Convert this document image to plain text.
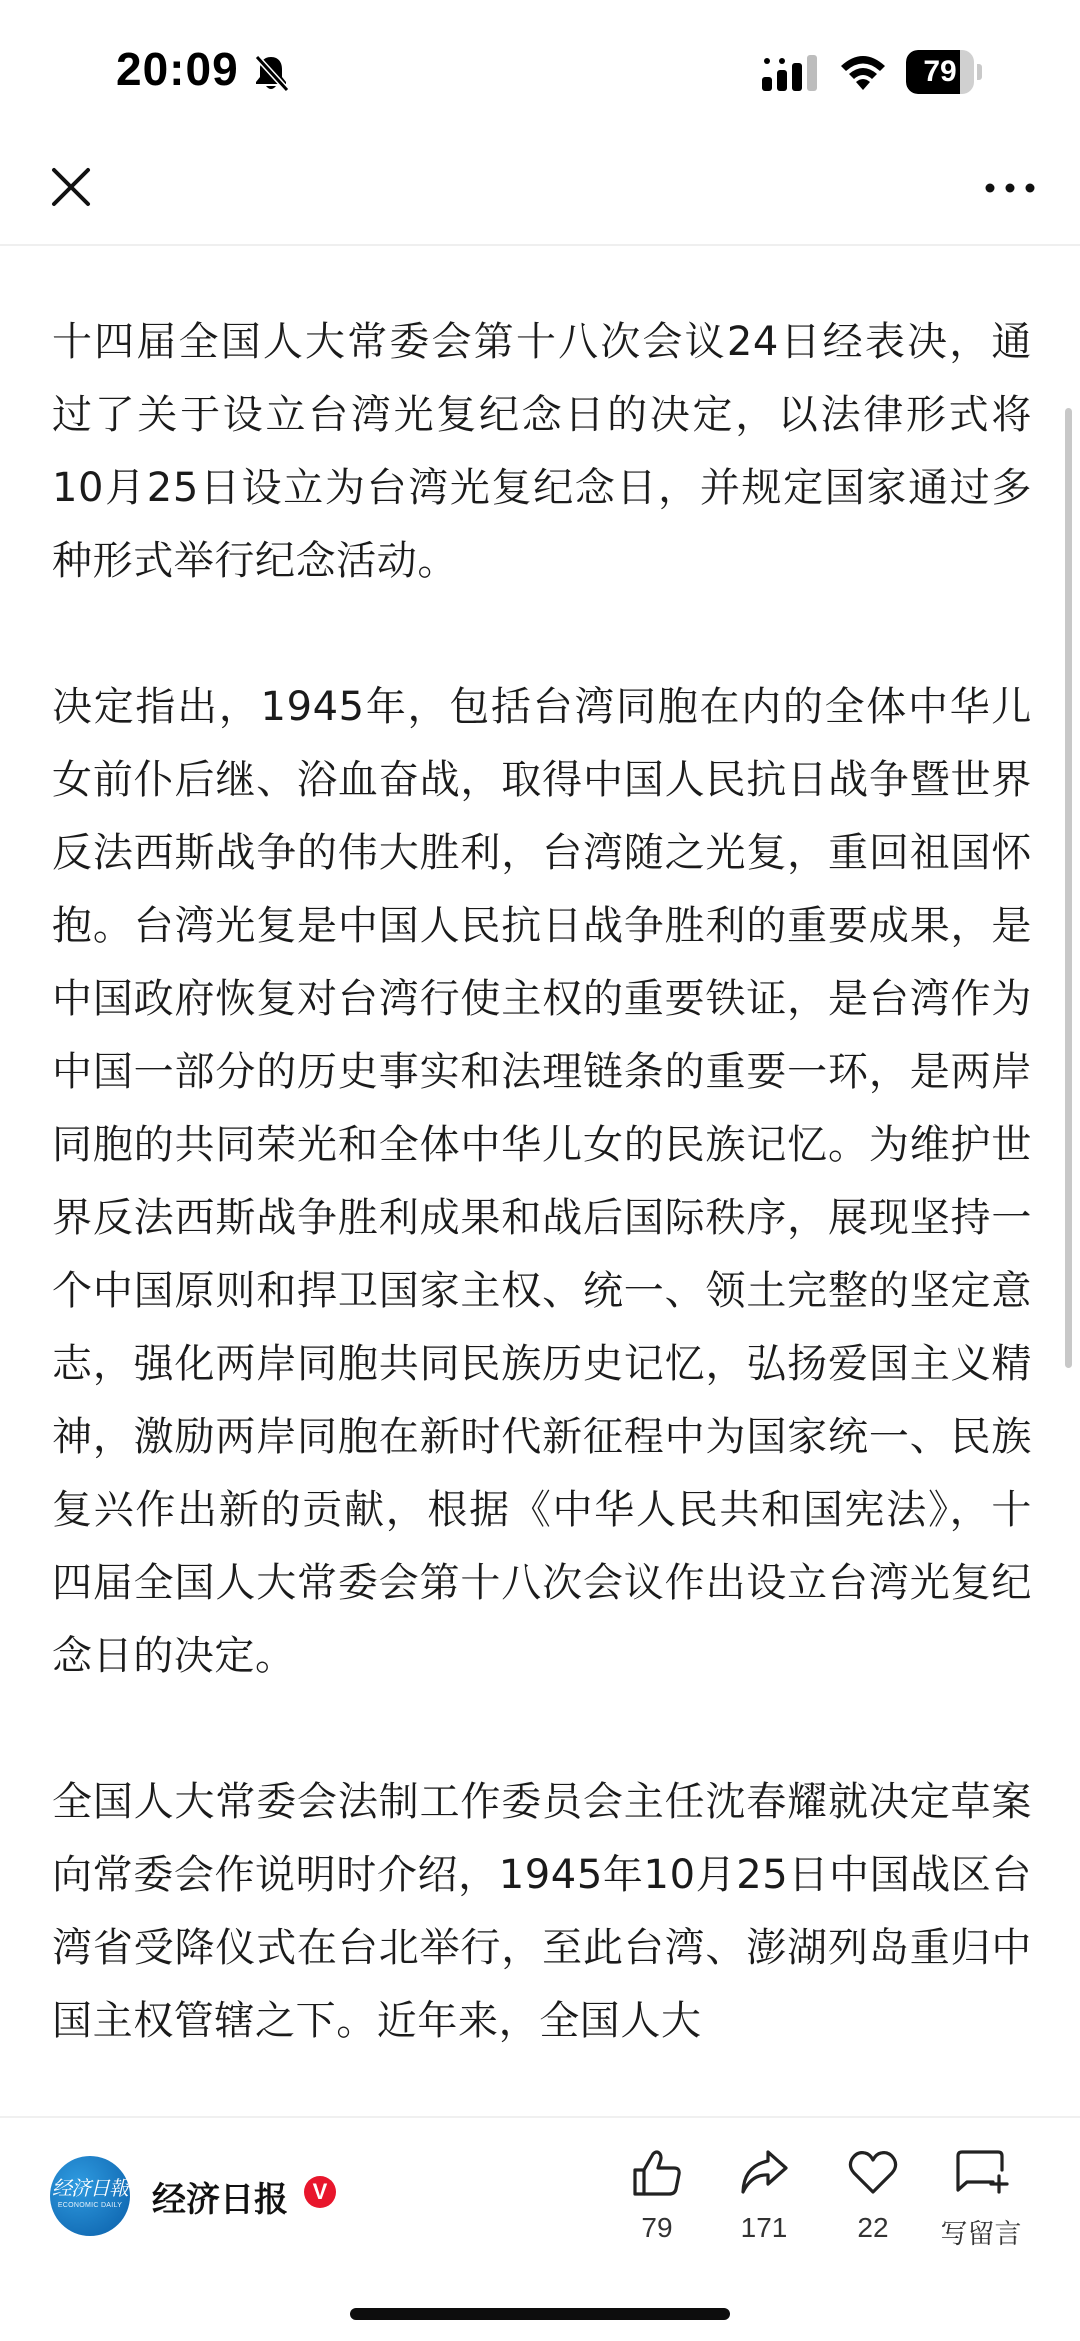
20:09	79

十四届全国人大常委会第十八次会议24日经表决，通过了关于设立台湾光复纪念日的决定，以法律形式将10月25日设立为台湾光复纪念日，并规定国家通过多种形式举行纪念活动。

决定指出，1945年，包括台湾同胞在内的全体中华儿女前仆后继、浴血奋战，取得中国人民抗日战争暨世界反法西斯战争的伟大胜利，台湾随之光复，重回祖国怀抱。台湾光复是中国人民抗日战争胜利的重要成果，是中国政府恢复对台湾行使主权的重要铁证，是台湾作为中国一部分的历史事实和法理链条的重要一环，是两岸同胞的共同荣光和全体中华儿女的民族记忆。为维护世界反法西斯战争胜利成果和战后国际秩序，展现坚持一个中国原则和捍卫国家主权、统一、领土完整的坚定意志，强化两岸同胞共同民族历史记忆，弘扬爱国主义精神，激励两岸同胞在新时代新征程中为国家统一、民族复兴作出新的贡献，根据《中华人民共和国宪法》，十四届全国人大常委会第十八次会议作出设立台湾光复纪念日的决定。

全国人大常委会法制工作委员会主任沈春耀就决定草案向常委会作说明时介绍，1945年10月25日中国战区台湾省受降仪式在台北举行，至此台湾、澎湖列岛重归中国主权管辖之下。近年来，全国人大

经济日報
ECONOMIC DAILY 经济日报	V
79	171	22	写留言
